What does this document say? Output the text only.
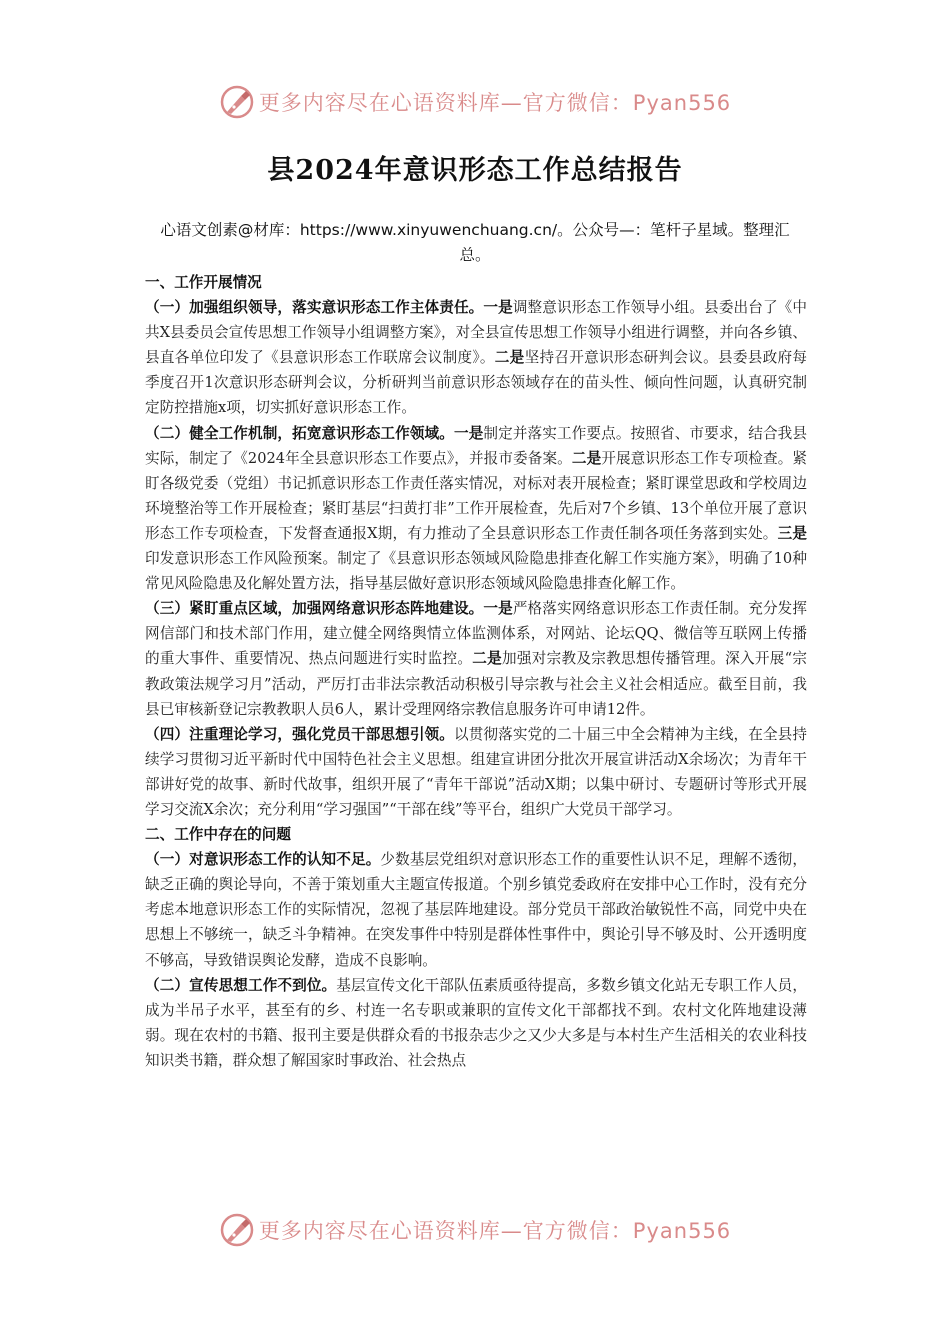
更多内容尽在心语资料库—官方微信：Pyan556
县2024年意识形态工作总结报告
心语文创素@材库：https://www.xinyuwenchuang.cn/。公众号—：笔杆子星域。整理汇总。

一、工作开展情况

（一）加强组织领导，落实意识形态工作主体责任。一是调整意识形态工作领导小组。县委出台了《中共X县委员会宣传思想工作领导小组调整方案》，对全县宣传思想工作领导小组进行调整，并向各乡镇、县直各单位印发了《县意识形态工作联席会议制度》。二是坚持召开意识形态研判会议。县委县政府每季度召开1次意识形态研判会议，分析研判当前意识形态领域存在的苗头性、倾向性问题，认真研究制定防控措施x项，切实抓好意识形态工作。

（二）健全工作机制，拓宽意识形态工作领域。一是制定并落实工作要点。按照省、市要求，结合我县实际，制定了《2024年全县意识形态工作要点》，并报市委备案。二是开展意识形态工作专项检查。紧盯各级党委（党组）书记抓意识形态工作责任落实情况，对标对表开展检查；紧盯课堂思政和学校周边环境整治等工作开展检查；紧盯基层“扫黄打非”工作开展检查，先后对7个乡镇、13个单位开展了意识形态工作专项检查，下发督查通报X期，有力推动了全县意识形态工作责任制各项任务落到实处。三是印发意识形态工作风险预案。制定了《县意识形态领域风险隐患排查化解工作实施方案》，明确了10种常见风险隐患及化解处置方法，指导基层做好意识形态领域风险隐患排查化解工作。

（三）紧盯重点区域，加强网络意识形态阵地建设。一是严格落实网络意识形态工作责任制。充分发挥网信部门和技术部门作用，建立健全网络舆情立体监测体系，对网站、论坛QQ、微信等互联网上传播的重大事件、重要情况、热点问题进行实时监控。二是加强对宗教及宗教思想传播管理。深入开展“宗教政策法规学习月”活动，严厉打击非法宗教活动积极引导宗教与社会主义社会相适应。截至目前，我县已审核新登记宗教教职人员6人，累计受理网络宗教信息服务许可申请12件。

（四）注重理论学习，强化党员干部思想引领。以贯彻落实党的二十届三中全会精神为主线，在全县持续学习贯彻习近平新时代中国特色社会主义思想。组建宣讲团分批次开展宣讲活动X余场次；为青年干部讲好党的故事、新时代故事，组织开展了“青年干部说”活动X期；以集中研讨、专题研讨等形式开展学习交流X余次；充分利用“学习强国”“干部在线”等平台，组织广大党员干部学习。

二、工作中存在的问题

（一）对意识形态工作的认知不足。少数基层党组织对意识形态工作的重要性认识不足，理解不透彻，缺乏正确的舆论导向，不善于策划重大主题宣传报道。个别乡镇党委政府在安排中心工作时，没有充分考虑本地意识形态工作的实际情况，忽视了基层阵地建设。部分党员干部政治敏锐性不高，同党中央在思想上不够统一，缺乏斗争精神。在突发事件中特别是群体性事件中，舆论引导不够及时、公开透明度不够高，导致错误舆论发酵，造成不良影响。

（二）宣传思想工作不到位。基层宣传文化干部队伍素质亟待提高，多数乡镇文化站无专职工作人员，成为半吊子水平，甚至有的乡、村连一名专职或兼职的宣传文化干部都找不到。农村文化阵地建设薄弱。现在农村的书籍、报刊主要是供群众看的书报杂志少之又少大多是与本村生产生活相关的农业科技知识类书籍，群众想了解国家时事政治、社会热点

更多内容尽在心语资料库—官方微信：Pyan556
